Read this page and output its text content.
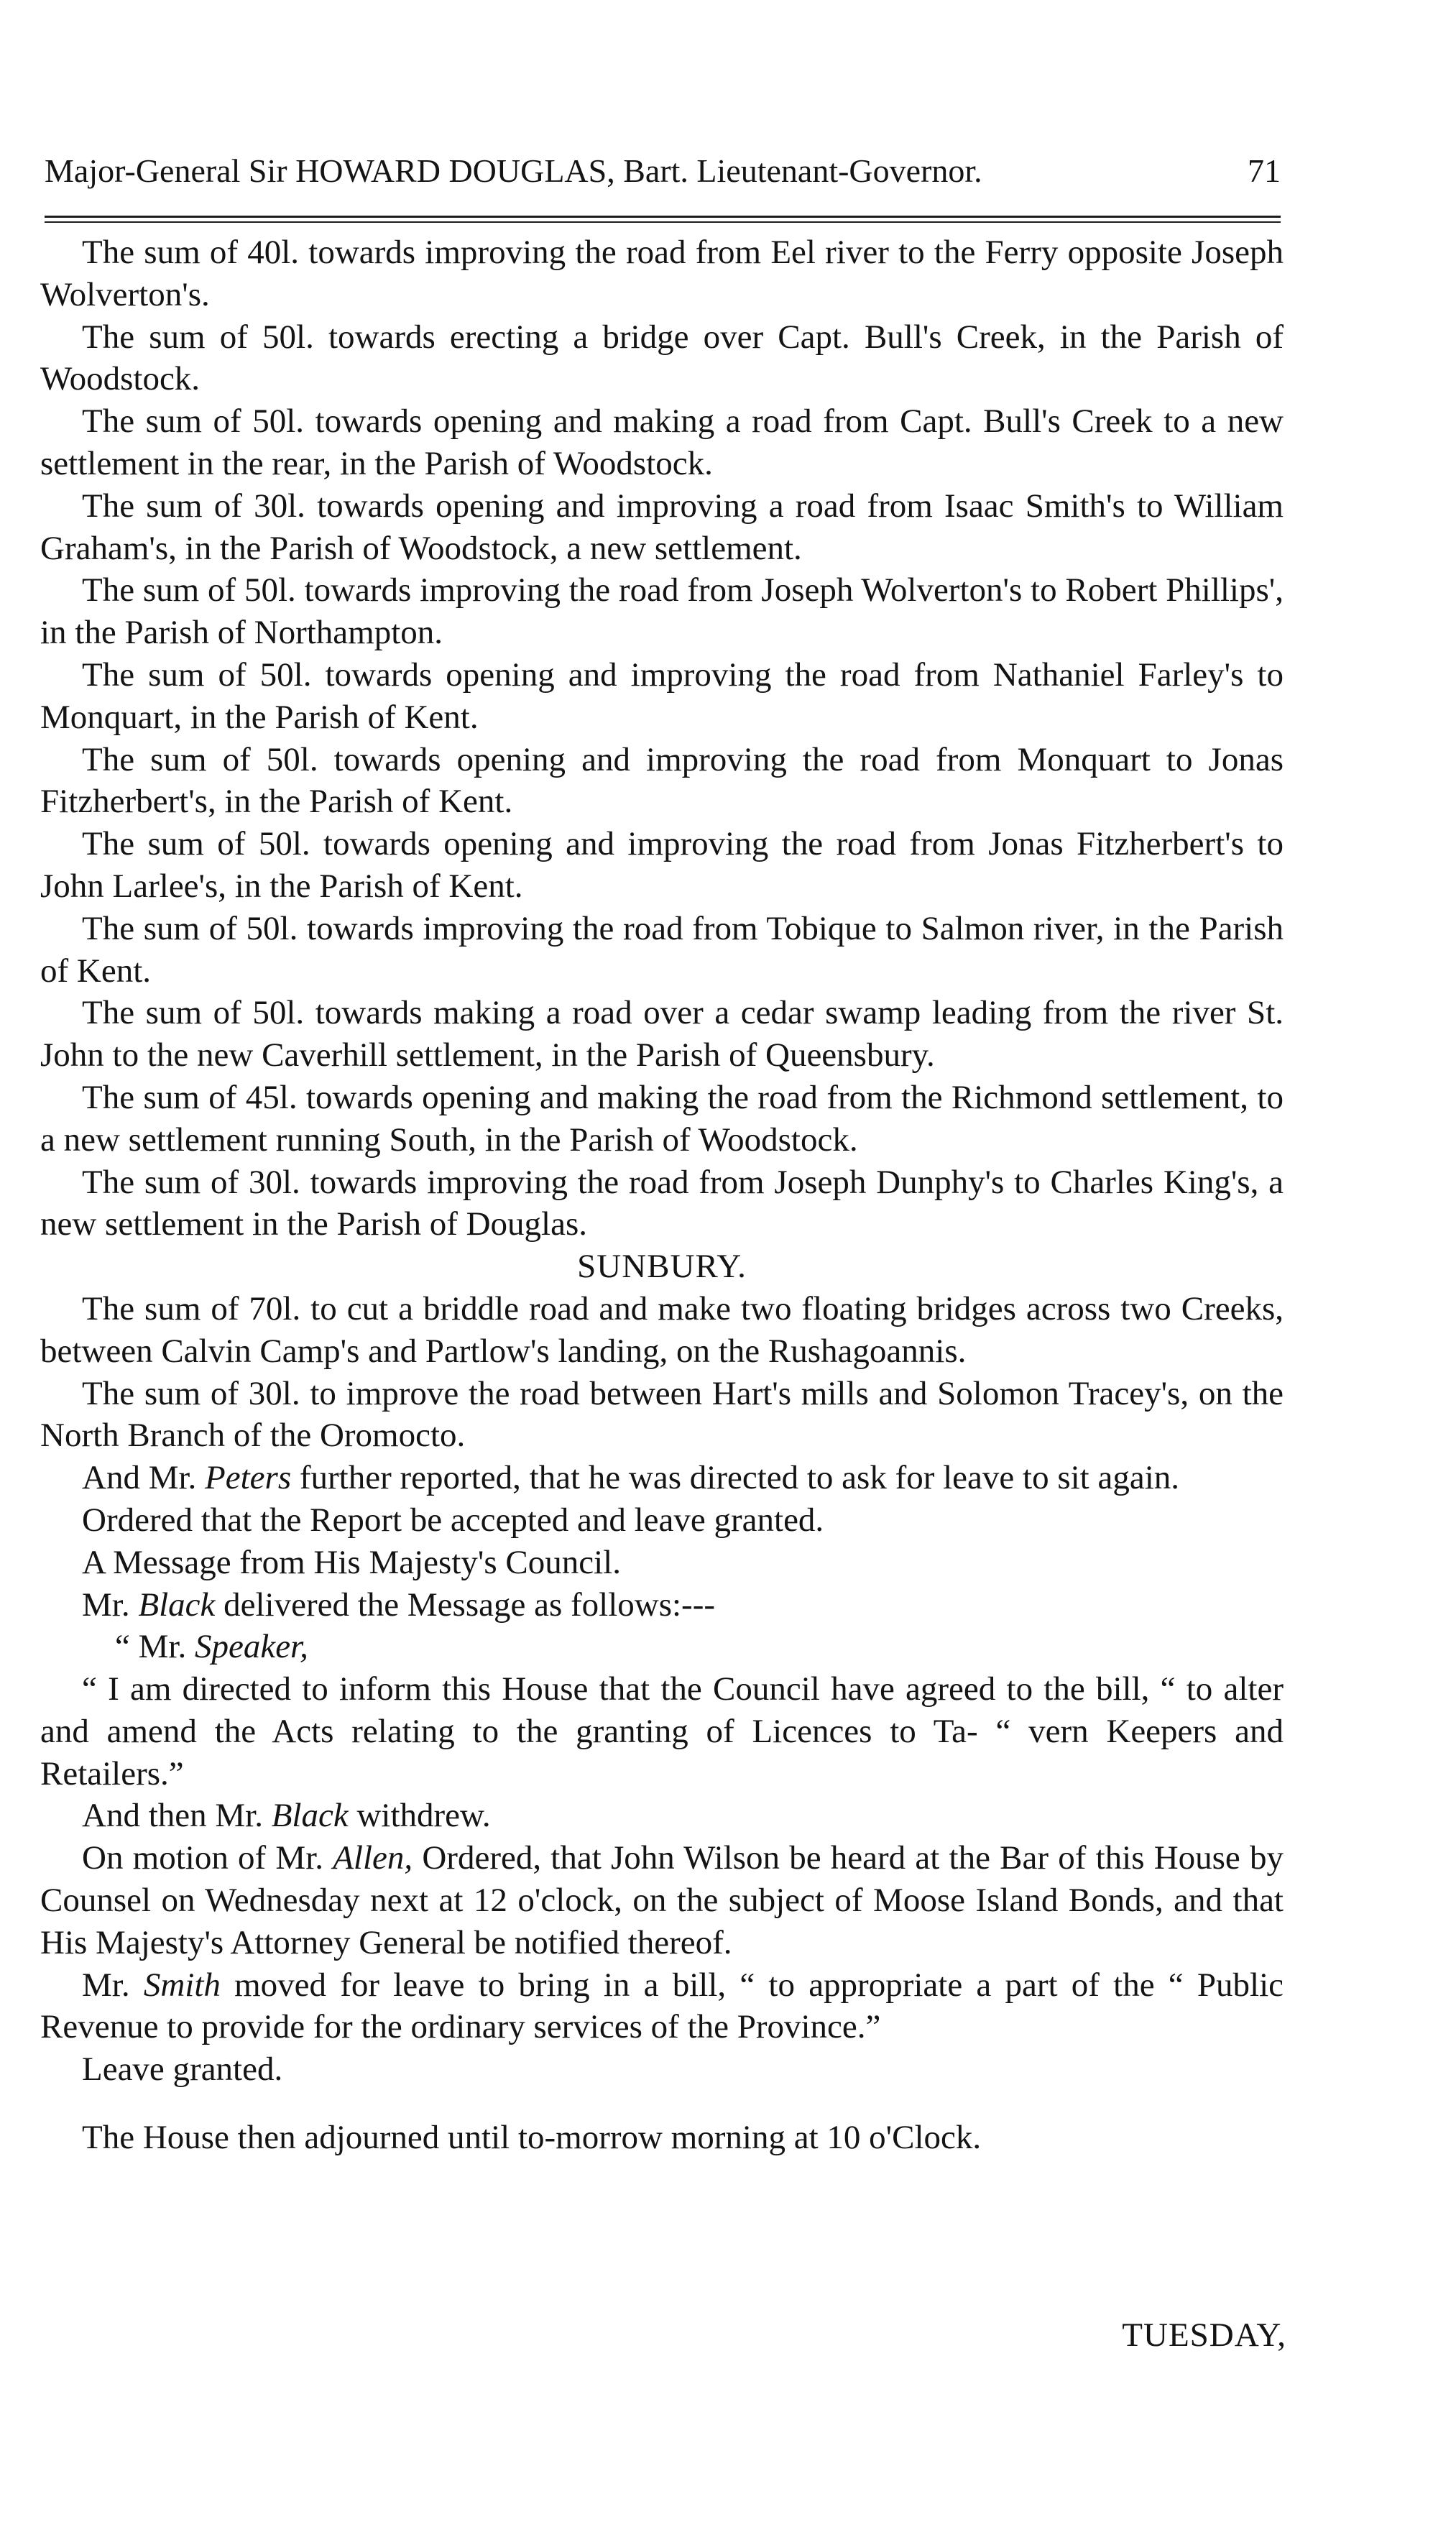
Major-General Sir HOWARD DOUGLAS, Bart. Lieutenant-Governor.	71

The sum of 40l. towards improving the road from Eel river to the Ferry opposite Joseph Wolverton's.

The sum of 50l. towards erecting a bridge over Capt. Bull's Creek, in the Parish of Woodstock.

The sum of 50l. towards opening and making a road from Capt. Bull's Creek to a new settlement in the rear, in the Parish of Woodstock.

The sum of 30l. towards opening and improving a road from Isaac Smith's to William Graham's, in the Parish of Woodstock, a new settlement.

The sum of 50l. towards improving the road from Joseph Wolverton's to Robert Phillips', in the Parish of Northampton.

The sum of 50l. towards opening and improving the road from Nathaniel Farley's to Monquart, in the Parish of Kent.

The sum of 50l. towards opening and improving the road from Monquart to Jonas Fitzherbert's, in the Parish of Kent.

The sum of 50l. towards opening and improving the road from Jonas Fitzherbert's to John Larlee's, in the Parish of Kent.

The sum of 50l. towards improving the road from Tobique to Salmon river, in the Parish of Kent.

The sum of 50l. towards making a road over a cedar swamp leading from the river St. John to the new Caverhill settlement, in the Parish of Queensbury.

The sum of 45l. towards opening and making the road from the Richmond settlement, to a new settlement running South, in the Parish of Woodstock.

The sum of 30l. towards improving the road from Joseph Dunphy's to Charles King's, a new settlement in the Parish of Douglas.

SUNBURY.

The sum of 70l. to cut a briddle road and make two floating bridges across two Creeks, between Calvin Camp's and Partlow's landing, on the Rushagoannis.

The sum of 30l. to improve the road between Hart's mills and Solomon Tracey's, on the North Branch of the Oromocto.

And Mr. Peters further reported, that he was directed to ask for leave to sit again.

Ordered that the Report be accepted and leave granted.

A Message from His Majesty's Council.

Mr. Black delivered the Message as follows:---

“ Mr. Speaker,

“ I am directed to inform this House that the Council have agreed to the bill, “ to alter and amend the Acts relating to the granting of Licences to Ta- “ vern Keepers and Retailers.”

And then Mr. Black withdrew.

On motion of Mr. Allen, Ordered, that John Wilson be heard at the Bar of this House by Counsel on Wednesday next at 12 o'clock, on the subject of Moose Island Bonds, and that His Majesty's Attorney General be notified thereof.

Mr. Smith moved for leave to bring in a bill, “ to appropriate a part of the “ Public Revenue to provide for the ordinary services of the Province.”

Leave granted.

The House then adjourned until to-morrow morning at 10 o'Clock.

TUESDAY,
